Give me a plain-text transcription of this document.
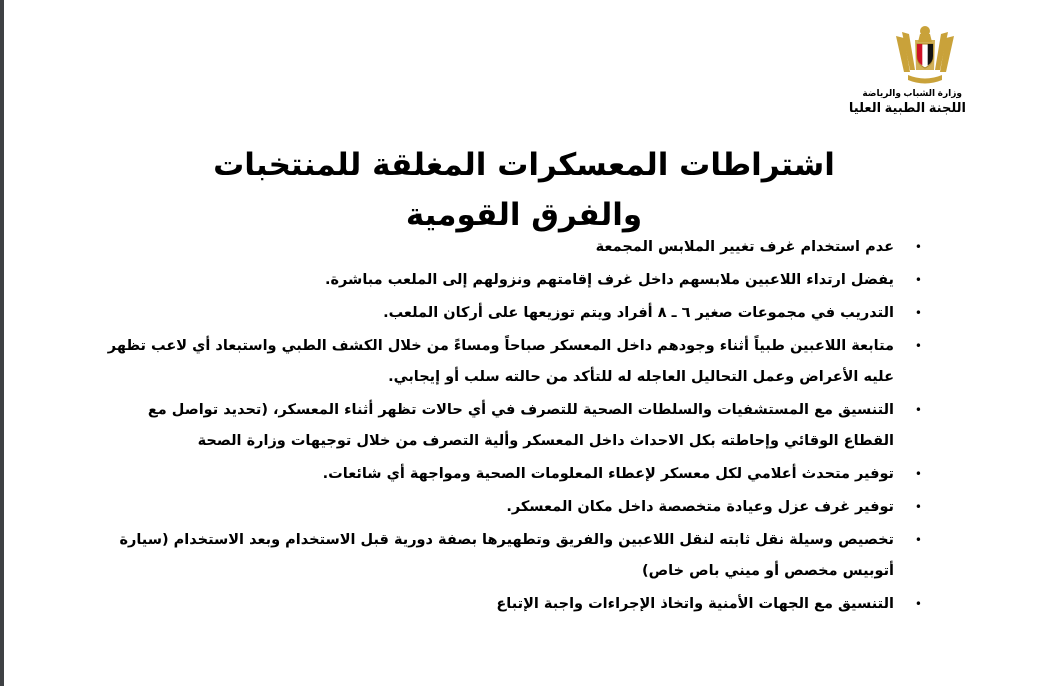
وزارة الشباب والرياضة
اللجنة الطبية العليا
اشتراطات المعسكرات المغلقة للمنتخبات والفرق القومية
• عدم استخدام غرف تغيير الملابس المجمعة
• يفضل ارتداء اللاعبين ملابسهم داخل غرف إقامتهم ونزولهم إلى الملعب مباشرة.
• التدريب في مجموعات صغير ٦ ـ ٨ أفراد ويتم توزيعها على أركان الملعب.
• متابعة اللاعبين طبياً أثناء وجودهم داخل المعسكر صباحاً ومساءً من خلال الكشف الطبي واستبعاد أي لاعب تظهر عليه الأعراض وعمل التحاليل العاجله له للتأكد من حالته سلب أو إيجابي.
• التنسيق مع المستشفيات والسلطات الصحية للتصرف في أي حالات تظهر أثناء المعسكر، (تحديد تواصل مع القطاع الوقائي وإحاطته بكل الاحداث داخل المعسكر وألية التصرف من خلال توجيهات وزارة الصحة
• توفير متحدث أعلامي لكل معسكر لإعطاء المعلومات الصحية ومواجهة أي شائعات.
• توفير غرف عزل وعيادة متخصصة داخل مكان المعسكر.
• تخصيص وسيلة نقل ثابته لنقل اللاعبين والفريق وتطهيرها بصفة دورية قبل الاستخدام وبعد الاستخدام (سيارة أتوبيس مخصص أو ميني باص خاص)
• التنسيق مع الجهات الأمنية واتخاذ الإجراءات واجبة الإتباع
